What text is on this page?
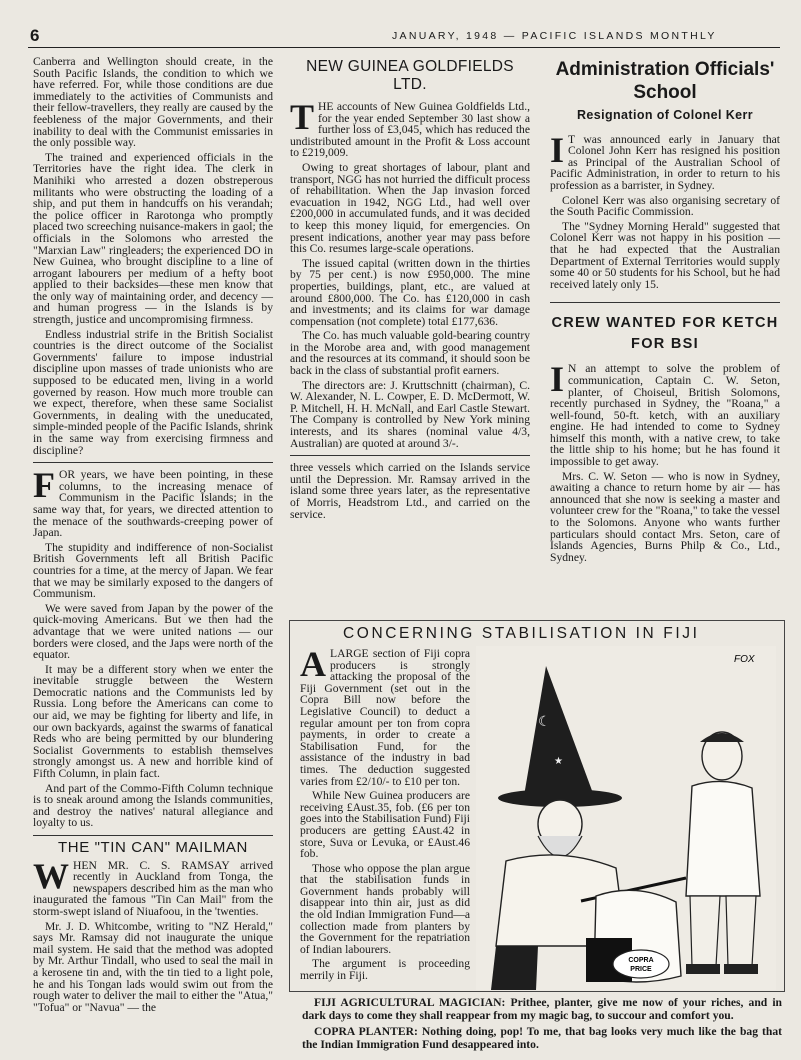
6	JANUARY, 1948 — PACIFIC ISLANDS MONTHLY

Canberra and Wellington should create, in the South Pacific Islands, the condition to which we have referred. For, while those conditions are due immediately to the activities of Communists and their fellow-travellers, they really are caused by the feebleness of the major Governments, and their inability to deal with the Communist emissaries in the only possible way.

The trained and experienced officials in the Territories have the right idea. The clerk in Manihiki who arrested a dozen obstreperous militants who were obstructing the loading of a ship, and put them in handcuffs on his verandah; the police officer in Rarotonga who promptly placed two screeching nuisance-makers in gaol; the officials in the Solomons who arrested the "Marxian Law" ringleaders; the experienced DO in New Guinea, who brought discipline to a line of arrogant labourers per medium of a hefty boot applied to their backsides—these men know that the only way of maintaining order, and decency — and human progress — in the Islands is by strength, justice and uncompromising firmness.

Endless industrial strife in the British Socialist countries is the direct outcome of the Socialist Governments' failure to impose industrial discipline upon masses of trade unionists who are supposed to be educated men, living in a world governed by reason. How much more trouble can we expect, therefore, when these same Socialist Governments, in dealing with the uneducated, simple-minded people of the Pacific Islands, shrink in the same way from exercising firmness and discipline?

FOR years, we have been pointing, in these columns, to the increasing menace of Communism in the Pacific Islands; in the same way that, for years, we directed attention to the menace of the southwards-creeping power of Japan.

The stupidity and indifference of non-Socialist British Governments left all British Pacific countries for a time, at the mercy of Japan. We fear that we may be similarly exposed to the dangers of Communism.

We were saved from Japan by the power of the quick-moving Americans. But we then had the advantage that we were united nations — our borders were closed, and the Japs were north of the equator.

It may be a different story when we enter the inevitable struggle between the Western Democratic nations and the Communists led by Russia. Long before the Americans can come to our aid, we may be fighting for liberty and life, in our own backyards, against the swarms of fanatical Reds who are being permitted by our blundering Socialist Governments to establish themselves strongly amongst us. A new and horrible kind of Fifth Column, in plain fact.

And part of the Commo-Fifth Column technique is to sneak around among the Islands communities, and destroy the natives' natural allegiance and loyalty to us.

THE "TIN CAN" MAILMAN

WHEN MR. C. S. RAMSAY arrived recently in Auckland from Tonga, the newspapers described him as the man who inaugurated the famous "Tin Can Mail" from the storm-swept island of Niuafoou, in the 'twenties.

Mr. J. D. Whitcombe, writing to "NZ Herald," says Mr. Ramsay did not inaugurate the unique mail system. He said that the method was adopted by Mr. Arthur Tindall, who used to seal the mail in a kerosene tin and, with the tin tied to a light pole, he and his Tongan lads would swim out from the rough water to deliver the mail to either the "Atua," "Tofua" or "Navua" — the

NEW GUINEA GOLDFIELDS LTD.

THE accounts of New Guinea Goldfields Ltd., for the year ended September 30 last show a further loss of £3,045, which has reduced the undistributed amount in the Profit & Loss account to £219,009.

Owing to great shortages of labour, plant and transport, NGG has not hurried the difficult process of rehabilitation. When the Jap invasion forced evacuation in 1942, NGG Ltd., had well over £200,000 in accumulated funds, and it was decided to keep this money liquid, for emergencies. On present indications, another year may pass before this Co. resumes large-scale operations.

The issued capital (written down in the thirties by 75 per cent.) is now £950,000. The mine properties, buildings, plant, etc., are valued at around £800,000. The Co. has £120,000 in cash and investments; and its claims for war damage compensation (not complete) total £177,636.

The Co. has much valuable gold-bearing country in the Morobe area and, with good management and the resources at its command, it should soon be back in the class of substantial profit earners.

The directors are: J. Kruttschnitt (chairman), C. W. Alexander, N. L. Cowper, E. D. McDermott, W. P. Mitchell, H. H. McNall, and Earl Castle Stewart. The Company is controlled by New York mining interests, and its shares (nominal value 4/3, Australian) are quoted at around 3/-.

three vessels which carried on the Islands service until the Depression. Mr. Ramsay arrived in the island some three years later, as the representative of Morris, Headstrom Ltd., and carried on the service.

Administration Officials' School
Resignation of Colonel Kerr

I T was announced early in January that Colonel John Kerr has resigned his position as Principal of the Australian School of Pacific Administration, in order to return to his profession as a barrister, in Sydney.

Colonel Kerr was also organising secretary of the South Pacific Commission.

The "Sydney Morning Herald" suggested that Colonel Kerr was not happy in his position — that he had expected that the Australian Department of External Territories would supply some 40 or 50 students for his School, but he had received lately only 15.

CREW WANTED FOR KETCH FOR BSI

I N an attempt to solve the problem of communication, Captain C. W. Seton, planter, of Choiseul, British Solomons, recently purchased in Sydney, the "Roana," a well-found, 50-ft. ketch, with an auxiliary engine. He had intended to come to Sydney himself this month, with a native crew, to take the little ship to his home; but he has found it impossible to get away.

Mrs. C. W. Seton — who is now in Sydney, awaiting a chance to return home by air — has announced that she now is seeking a master and volunteer crew for the "Roana," to take the vessel to the Solomons. Anyone who wants further particulars should contact Mrs. Seton, care of Islands Agencies, Burns Philp & Co., Ltd., Sydney.

CONCERNING STABILISATION IN FIJI

ALARGE section of Fiji copra producers is strongly attacking the proposal of the Fiji Government (set out in the Copra Bill now before the Legislative Council) to deduct a regular amount per ton from copra payments, in order to create a Stabilisation Fund, for the assistance of the industry in bad times. The deduction suggested varies from £2/10/- to £10 per ton.

While New Guinea producers are receiving £Aust.35, fob. (£6 per ton goes into the Stabilisation Fund) Fiji producers are getting £Aust.42 in store, Suva or Levuka, or £Aust.46 fob.

Those who oppose the plan argue that the stabilisation funds in Government hands probably will disappear into thin air, just as did the old Indian Immigration Fund—a collection made from planters by the Government for the repatriation of Indian labourers.

The argument is proceeding merrily in Fiji.

☾
★
COPRA
PRICE
FOX

FIJI AGRICULTURAL MAGICIAN: Prithee, planter, give me now of your riches, and in dark days to come they shall reappear from my magic bag, to succour and comfort you.

COPRA PLANTER: Nothing doing, pop! To me, that bag looks very much like the bag that the Indian Immigration Fund desappeared into.
